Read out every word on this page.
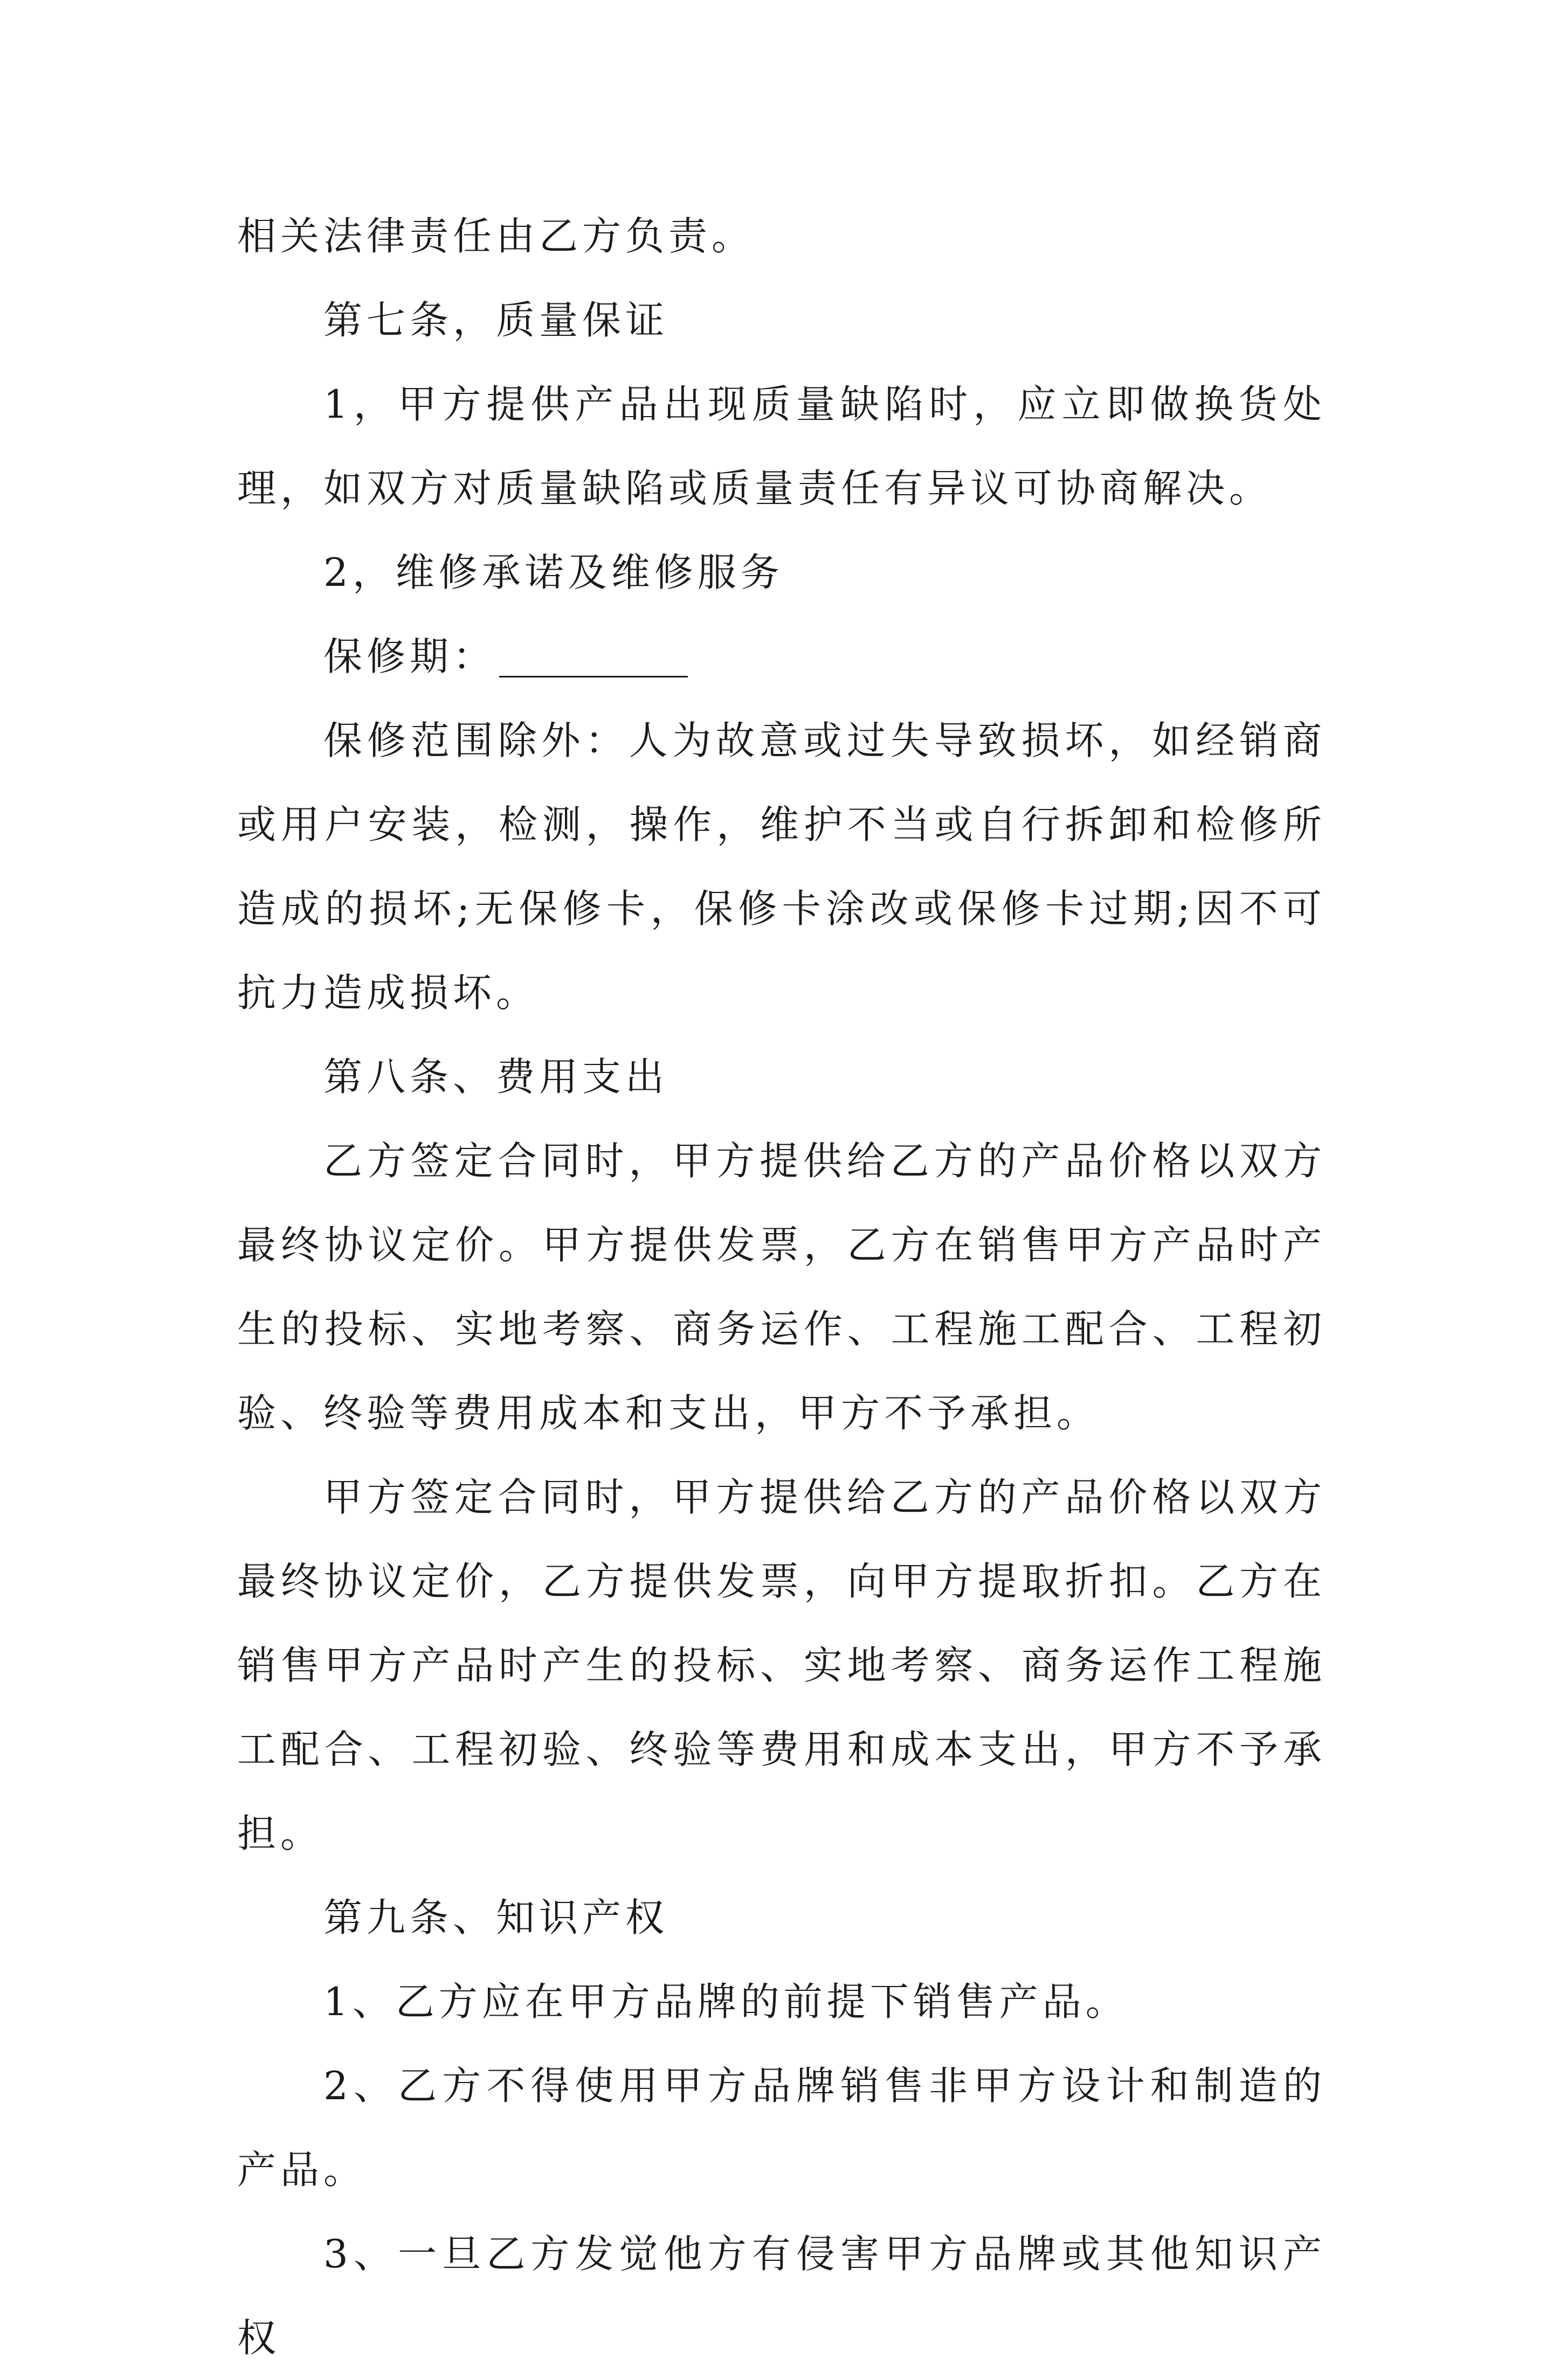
相关法律责任由乙方负责。

第七条，质量保证

1，甲方提供产品出现质量缺陷时，应立即做换货处理，如双方对质量缺陷或质量责任有异议可协商解决。

2，维修承诺及维修服务

保修期：

保修范围除外：人为故意或过失导致损坏，如经销商或用户安装，检测，操作，维护不当或自行拆卸和检修所造成的损坏;无保修卡，保修卡涂改或保修卡过期;因不可抗力造成损坏。

第八条、费用支出

乙方签定合同时，甲方提供给乙方的产品价格以双方最终协议定价。甲方提供发票，乙方在销售甲方产品时产生的投标、实地考察、商务运作、工程施工配合、工程初验、终验等费用成本和支出，甲方不予承担。

甲方签定合同时，甲方提供给乙方的产品价格以双方最终协议定价，乙方提供发票，向甲方提取折扣。乙方在销售甲方产品时产生的投标、实地考察、商务运作工程施工配合、工程初验、终验等费用和成本支出，甲方不予承担。

第九条、知识产权

1、乙方应在甲方品牌的前提下销售产品。

2、乙方不得使用甲方品牌销售非甲方设计和制造的产品。

3、一旦乙方发觉他方有侵害甲方品牌或其他知识产权
